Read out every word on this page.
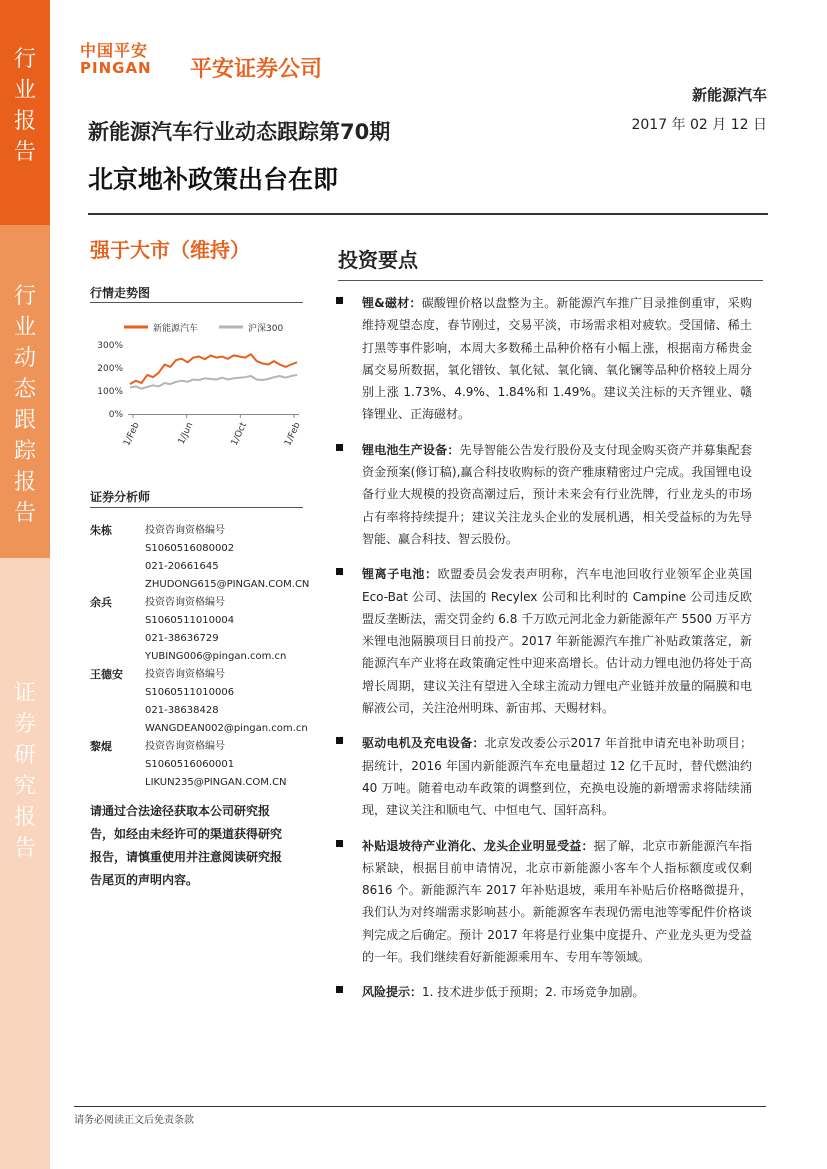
行业报告
行业动态跟踪报告
证券研究报告
中国平安
PINGAN 平安证券公司
新能源汽车
2017 年 02 月 12 日
新能源汽车行业动态跟踪第70期
北京地补政策出台在即
强于大市（维持）
行情走势图
新能源汽车	沪深300
300%
200%
100%
0%
1/Feb	1/Jun	1/Oct	1/Feb
证券分析师
朱栋	投资咨询资格编号
S1060516080002
021-20661645
ZHUDONG615@PINGAN.COM.CN
余兵	投资咨询资格编号
S1060511010004
021-38636729
YUBING006@pingan.com.cn
王德安	投资咨询资格编号
S1060511010006
021-38638428
WANGDEAN002@pingan.com.cn
黎焜	投资咨询资格编号
S1060516060001
LIKUN235@PINGAN.COM.CN
请通过合法途径获取本公司研究报告，如经由未经许可的渠道获得研究报告，请慎重使用并注意阅读研究报告尾页的声明内容。
投资要点
锂&磁材：碳酸锂价格以盘整为主。新能源汽车推广目录推倒重审，采购维持观望态度，春节刚过，交易平淡，市场需求相对疲软。受国储、稀土打黑等事件影响，本周大多数稀土品种价格有小幅上涨，根据南方稀贵金属交易所数据，氧化镨钕、氧化铽、氧化镝、氧化镧等品种价格较上周分别上涨 1.73%、4.9%、1.84%和 1.49%。建议关注标的天齐锂业、赣锋锂业、正海磁材。
锂电池生产设备：先导智能公告发行股份及支付现金购买资产并募集配套资金预案(修订稿),赢合科技收购标的资产雅康精密过户完成。我国锂电设备行业大规模的投资高潮过后，预计未来会有行业洗牌，行业龙头的市场占有率将持续提升；建议关注龙头企业的发展机遇，相关受益标的为先导智能、赢合科技、智云股份。
锂离子电池：欧盟委员会发表声明称，汽车电池回收行业领军企业英国Eco-Bat 公司、法国的 Recylex 公司和比利时的 Campine 公司违反欧盟反垄断法，需交罚金约 6.8 千万欧元河北金力新能源年产 5500 万平方米锂电池隔膜项目日前投产。2017 年新能源汽车推广补贴政策落定，新能源汽车产业将在政策确定性中迎来高增长。估计动力锂电池仍将处于高增长周期，建议关注有望进入全球主流动力锂电产业链并放量的隔膜和电解液公司，关注沧州明珠、新宙邦、天赐材料。
驱动电机及充电设备：北京发改委公示2017 年首批申请充电补助项目；据统计，2016 年国内新能源汽车充电量超过 12 亿千瓦时，替代燃油约 40 万吨。随着电动车政策的调整到位，充换电设施的新增需求将陆续涌现，建议关注和顺电气、中恒电气、国轩高科。
补贴退坡待产业消化、龙头企业明显受益：据了解，北京市新能源汽车指标紧缺，根据目前申请情况，北京市新能源小客车个人指标额度或仅剩 8616 个。新能源汽车 2017 年补贴退坡，乘用车补贴后价格略微提升，我们认为对终端需求影响甚小。新能源客车表现仍需电池等零配件价格谈判完成之后确定。预计 2017 年将是行业集中度提升、产业龙头更为受益的一年。我们继续看好新能源乘用车、专用车等领域。
风险提示：1. 技术进步低于预期；2. 市场竞争加剧。
请务必阅读正文后免责条款
